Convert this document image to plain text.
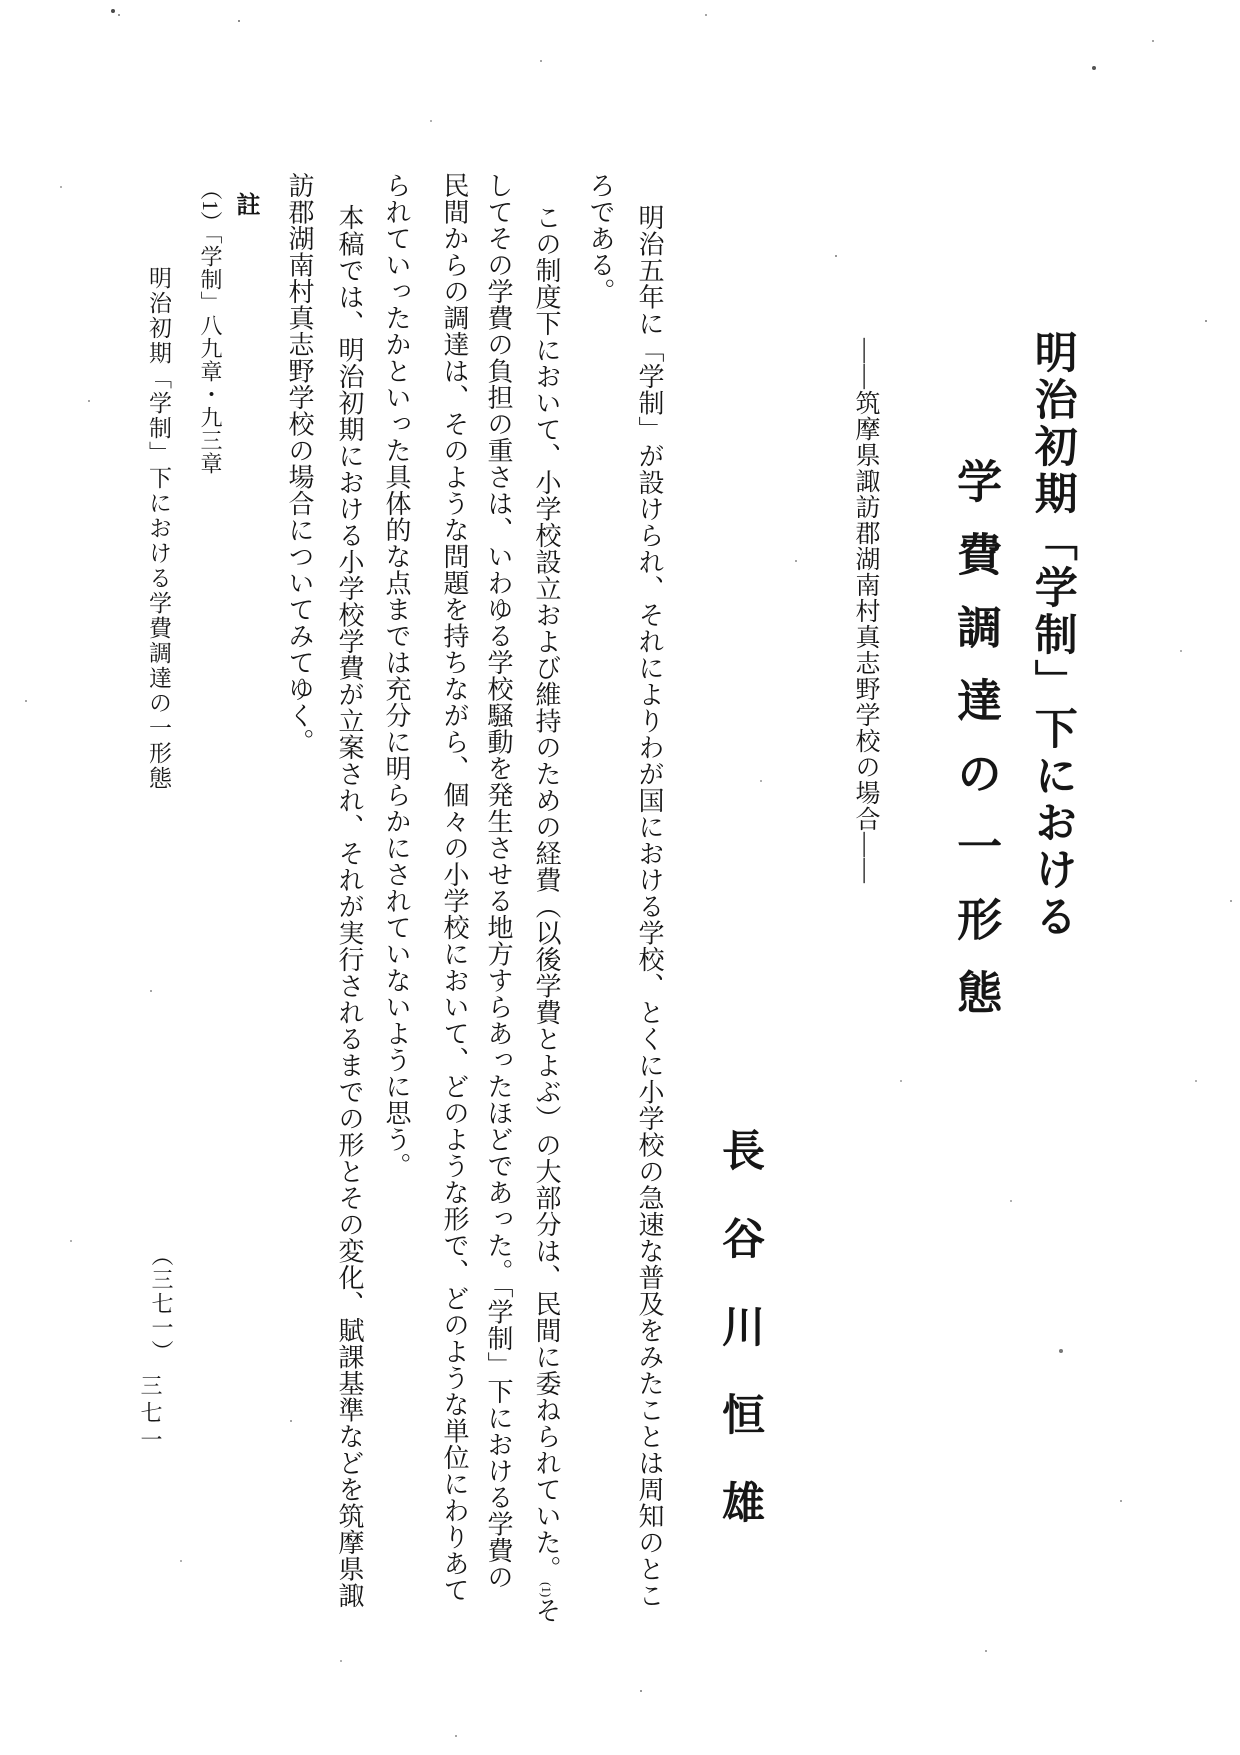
明治初期「学制」下における
学費調達の一形態
――筑摩県諏訪郡湖南村真志野学校の場合――
長谷川恒雄
明治五年に「学制」が設けられ、それによりわが国における学校、とくに小学校の急速な普及をみたことは周知のとこ
ろである。
この制度下において、小学校設立および維持のための経費（以後学費とよぶ）の大部分は、民間に委ねられていた。(1)そ
してその学費の負担の重さは、いわゆる学校騒動を発生させる地方すらあったほどであった。「学制」下における学費の
民間からの調達は、そのような問題を持ちながら、個々の小学校において、どのような形で、どのような単位にわりあて
られていったかといった具体的な点までは充分に明らかにされていないように思う。
本稿では、明治初期における小学校学費が立案され、それが実行されるまでの形とその変化、賦課基準などを筑摩県諏
訪郡湖南村真志野学校の場合についてみてゆく。
註
（1）「学制」八九章・九三章
明治初期「学制」下における学費調達の一形態
（三七一）
三七一
